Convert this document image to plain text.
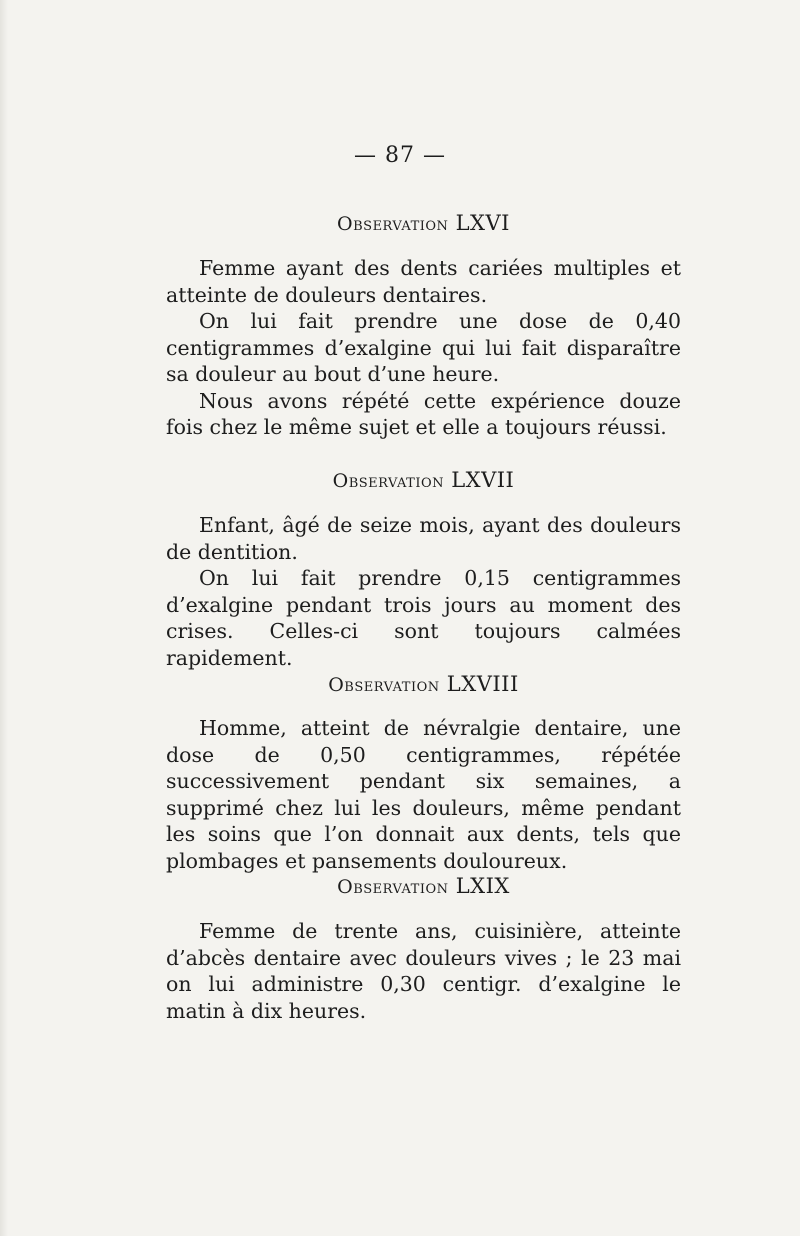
— 87 —
Observation LXVI

Femme ayant des dents cariées multiples et atteinte de douleurs dentaires.

On lui fait prendre une dose de 0,40 centigrammes d’exalgine qui lui fait disparaître sa douleur au bout d’une heure.

Nous avons répété cette expérience douze fois chez le même sujet et elle a toujours réussi.

Observation LXVII

Enfant, âgé de seize mois, ayant des douleurs de dentition.

On lui fait prendre 0,15 centigrammes d’exalgine pendant trois jours au moment des crises. Celles-ci sont toujours calmées rapidement.

Observation LXVIII

Homme, atteint de névralgie dentaire, une dose de 0,50 centigrammes, répétée successivement pendant six semaines, a supprimé chez lui les douleurs, même pendant les soins que l’on donnait aux dents, tels que plombages et pansements douloureux.

Observation LXIX

Femme de trente ans, cuisinière, atteinte d’abcès dentaire avec douleurs vives ; le 23 mai on lui administre 0,30 centigr. d’exalgine le matin à dix heures.
